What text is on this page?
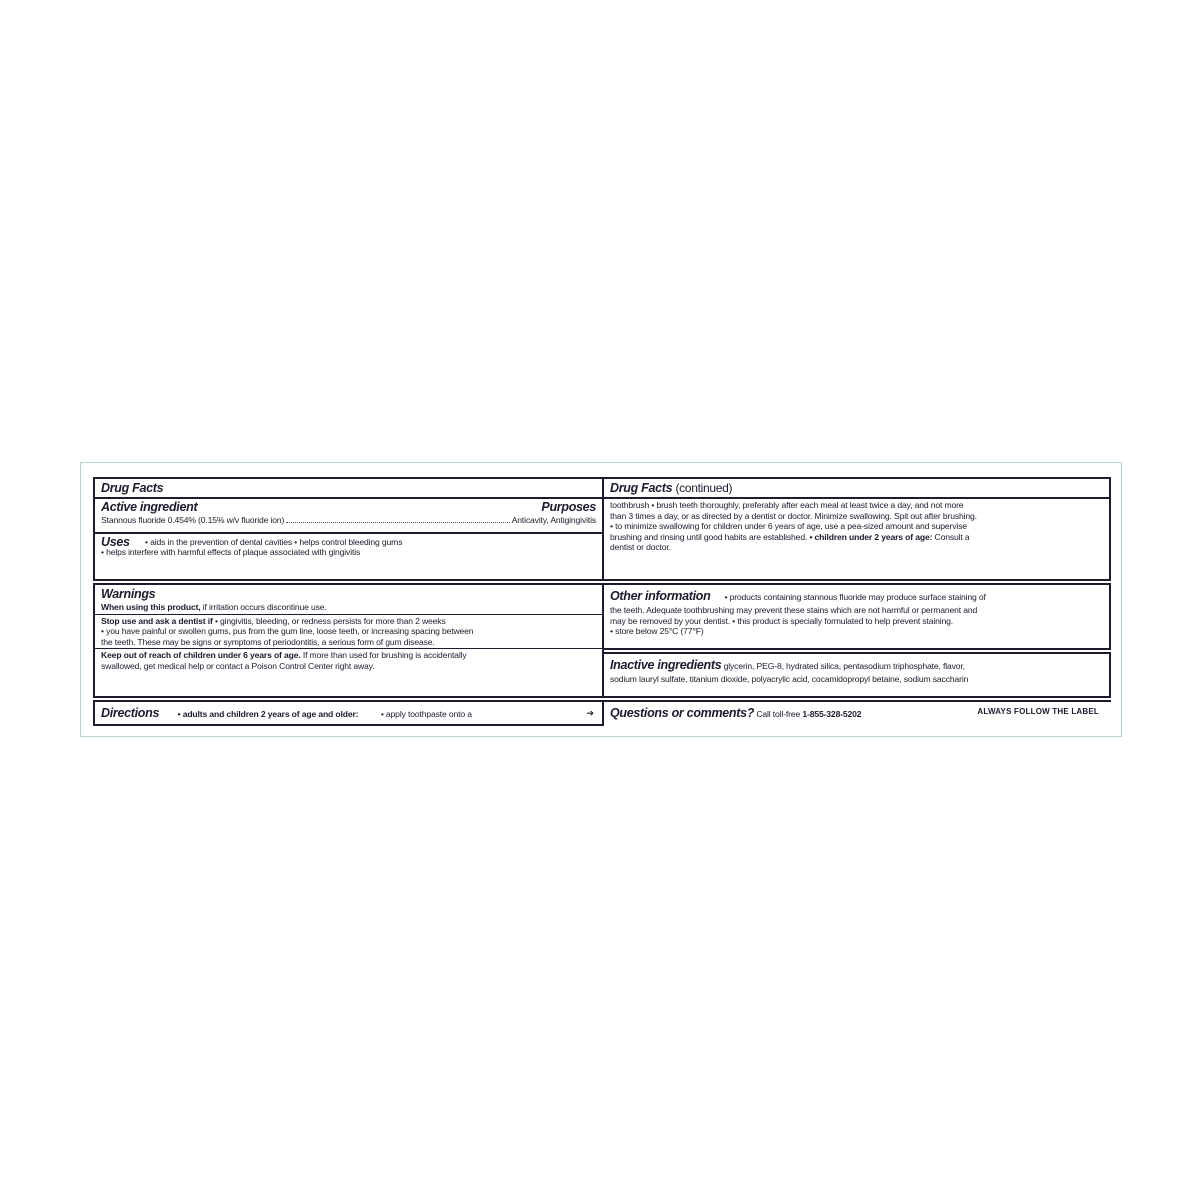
Drug Facts
Active ingredient	Purposes
Stannous fluoride 0.454% (0.15% w/v fluoride ion)	Anticavity, Antigingivitis
Uses	• aids in the prevention of dental cavities • helps control bleeding gums
• helps interfere with harmful effects of plaque associated with gingivitis
Warnings
When using this product, if irritation occurs discontinue use.
Stop use and ask a dentist if • gingivitis, bleeding, or redness persists for more than 2 weeks
• you have painful or swollen gums, pus from the gum line, loose teeth, or increasing spacing between
the teeth. These may be signs or symptoms of periodontitis, a serious form of gum disease.
Keep out of reach of children under 6 years of age. If more than used for brushing is accidentally
swallowed, get medical help or contact a Poison Control Center right away.
Directions • adults and children 2 years of age and older:	• apply toothpaste onto a	➔
Drug Facts (continued)
toothbrush • brush teeth thoroughly, preferably after each meal at least twice a day, and not more
than 3 times a day, or as directed by a dentist or doctor. Minimize swallowing. Spit out after brushing.
• to minimize swallowing for children under 6 years of age, use a pea-sized amount and supervise
brushing and rinsing until good habits are established. • children under 2 years of age: Consult a
dentist or doctor.
Other information • products containing stannous fluoride may produce surface staining of
the teeth. Adequate toothbrushing may prevent these stains which are not harmful or permanent and
may be removed by your dentist. • this product is specially formulated to help prevent staining.
• store below 25°C (77°F)
Inactive ingredients glycerin, PEG-8, hydrated silica, pentasodium triphosphate, flavor,
sodium lauryl sulfate, titanium dioxide, polyacrylic acid, cocamidopropyl betaine, sodium saccharin
Questions or comments? Call toll-free 1-855-328-5202	ALWAYS FOLLOW THE LABEL
